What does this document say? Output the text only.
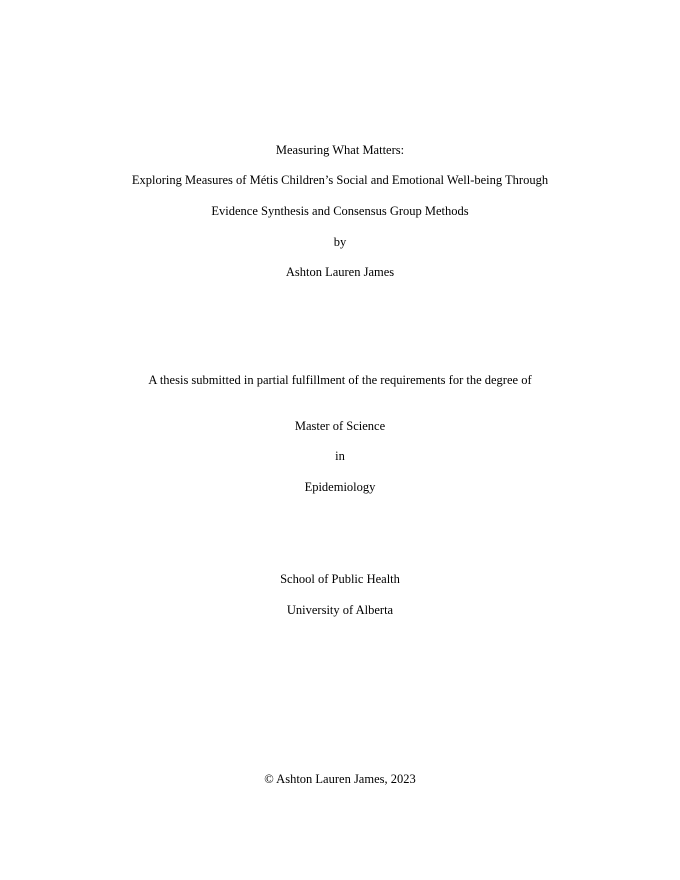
Measuring What Matters:
Exploring Measures of Métis Children’s Social and Emotional Well-being Through
Evidence Synthesis and Consensus Group Methods
by
Ashton Lauren James
A thesis submitted in partial fulfillment of the requirements for the degree of
Master of Science
in
Epidemiology
School of Public Health
University of Alberta
© Ashton Lauren James, 2023
